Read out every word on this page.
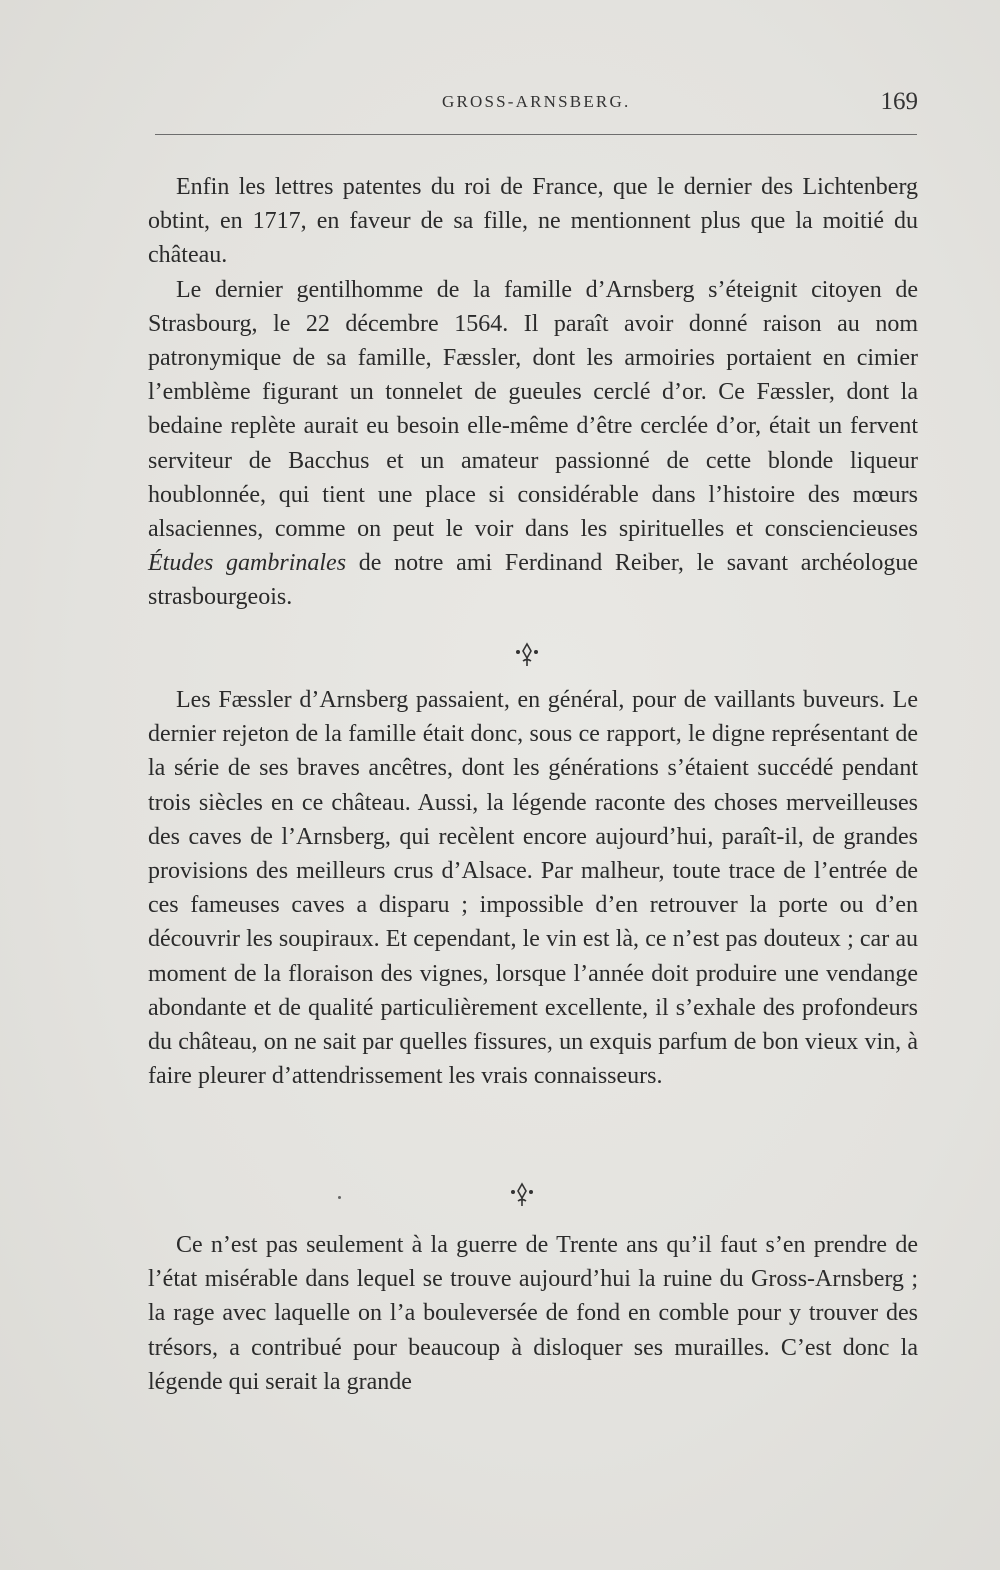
GROSS-ARNSBERG.	169

Enfin les lettres patentes du roi de France, que le dernier des Lichtenberg obtint, en 1717, en faveur de sa fille, ne mentionnent plus que la moitié du château.

Le dernier gentilhomme de la famille d’Arnsberg s’éteignit citoyen de Strasbourg, le 22 décembre 1564. Il paraît avoir donné raison au nom patronymique de sa famille, Fæssler, dont les armoiries portaient en cimier l’emblème figurant un tonnelet de gueules cerclé d’or. Ce Fæssler, dont la bedaine replète aurait eu besoin elle-même d’être cerclée d’or, était un fervent serviteur de Bacchus et un amateur passionné de cette blonde liqueur houblonnée, qui tient une place si considérable dans l’histoire des mœurs alsaciennes, comme on peut le voir dans les spirituelles et consciencieuses Études gambrinales de notre ami Ferdinand Reiber, le savant archéologue strasbourgeois.

Les Fæssler d’Arnsberg passaient, en général, pour de vaillants buveurs. Le dernier rejeton de la famille était donc, sous ce rapport, le digne représentant de la série de ses braves ancêtres, dont les générations s’étaient succédé pendant trois siècles en ce château. Aussi, la légende raconte des choses merveilleuses des caves de l’Arnsberg, qui recèlent encore aujourd’hui, paraît-il, de grandes provisions des meilleurs crus d’Alsace. Par malheur, toute trace de l’entrée de ces fameuses caves a disparu ; impossible d’en retrouver la porte ou d’en découvrir les soupiraux. Et cependant, le vin est là, ce n’est pas douteux ; car au moment de la floraison des vignes, lorsque l’année doit produire une vendange abondante et de qualité particulièrement excellente, il s’exhale des profondeurs du château, on ne sait par quelles fissures, un exquis parfum de bon vieux vin, à faire pleurer d’attendrissement les vrais connaisseurs.

Ce n’est pas seulement à la guerre de Trente ans qu’il faut s’en prendre de l’état misérable dans lequel se trouve aujourd’hui la ruine du Gross-Arnsberg ; la rage avec laquelle on l’a bouleversée de fond en comble pour y trouver des trésors, a contribué pour beaucoup à disloquer ses murailles. C’est donc la légende qui serait la grande
